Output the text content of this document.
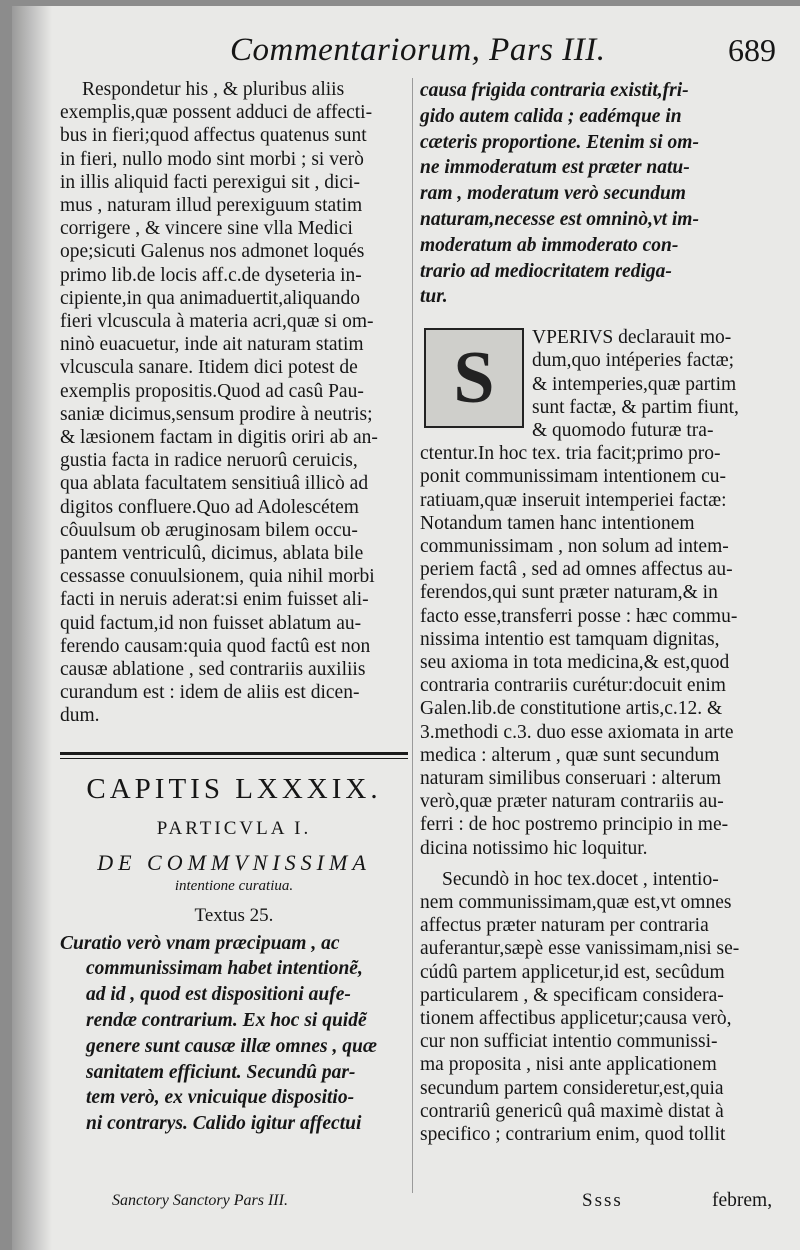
Commentariorum, Pars III.	689

Respondetur his , & pluribus aliis

exemplis,quæ possent adduci de affecti-

bus in fieri;quod affectus quatenus sunt

in fieri, nullo modo sint morbi ; si verò

in illis aliquid facti perexigui sit , dici-

mus , naturam illud perexiguum statim

corrigere , & vincere sine vlla Medici

ope;sicuti Galenus nos admonet loqués

primo lib.de locis aff.c.de dyseteria in-

cipiente,in qua animaduertit,aliquando

fieri vlcuscula à materia acri,quæ si om-

ninò euacuetur, inde ait naturam statim

vlcuscula sanare. Itidem dici potest de

exemplis propositis.Quod ad casû Pau-

saniæ dicimus,sensum prodire à neutris;

& læsionem factam in digitis oriri ab an-

gustia facta in radice neruorû ceruicis,

qua ablata facultatem sensitiuâ illicò ad

digitos confluere.Quo ad Adolescétem

côuulsum ob æruginosam bilem occu-

pantem ventriculû, dicimus, ablata bile

cessasse conuulsionem, quia nihil morbi

facti in neruis aderat:si enim fuisset ali-

quid factum,id non fuisset ablatum au-

ferendo causam:quia quod factû est non

causæ ablatione , sed contrariis auxiliis

curandum est : idem de aliis est dicen-

dum.

CAPITIS LXXXIX.

PARTICVLA I.

DE COMMVNISSIMA

intentione curatiua.

Textus 25.

Curatio verò vnam præcipuam , ac

communissimam habet intentionẽ,

ad id , quod est dispositioni aufe-

rendæ contrarium. Ex hoc si quidẽ

genere sunt causæ illæ omnes , quæ

sanitatem efficiunt. Secundû par-

tem verò, ex vnicuique dispositio-

ni contrarys. Calido igitur affectui

causa frigida contraria existit,fri-

gido autem calida ; eadémque in

cæteris proportione. Etenim si om-

ne immoderatum est præter natu-

ram , moderatum verò secundum

naturam,necesse est omninò,vt im-

moderatum ab immoderato con-

trario ad mediocritatem rediga-

tur.

S	VPERIVS declarauit mo-

dum,quo intéperies factæ;

& intemperies,quæ partim

sunt factæ, & partim fiunt,

& quomodo futuræ tra-

ctentur.In hoc tex. tria facit;primo pro-

ponit communissimam intentionem cu-

ratiuam,quæ inseruit intemperiei factæ:

Notandum tamen hanc intentionem

communissimam , non solum ad intem-

periem factâ , sed ad omnes affectus au-

ferendos,qui sunt præter naturam,& in

facto esse,transferri posse : hæc commu-

nissima intentio est tamquam dignitas,

seu axioma in tota medicina,& est,quod

contraria contrariis curétur:docuit enim

Galen.lib.de constitutione artis,c.12. &

3.methodi c.3. duo esse axiomata in arte

medica : alterum , quæ sunt secundum

naturam similibus conseruari : alterum

verò,quæ præter naturam contrariis au-

ferri : de hoc postremo principio in me-

dicina notissimo hic loquitur.

Secundò in hoc tex.docet , intentio-

nem communissimam,quæ est,vt omnes

affectus præter naturam per contraria

auferantur,sæpè esse vanissimam,nisi se-

cúdû partem applicetur,id est, secûdum

particularem , & specificam considera-

tionem affectibus applicetur;causa verò,

cur non sufficiat intentio communissi-

ma proposita , nisi ante applicationem

secundum partem consideretur,est,quia

contrariû genericû quâ maximè distat à

specifico ; contrarium enim, quod tollit

Sanctory Sanctory Pars III.	Ssss	febrem,
